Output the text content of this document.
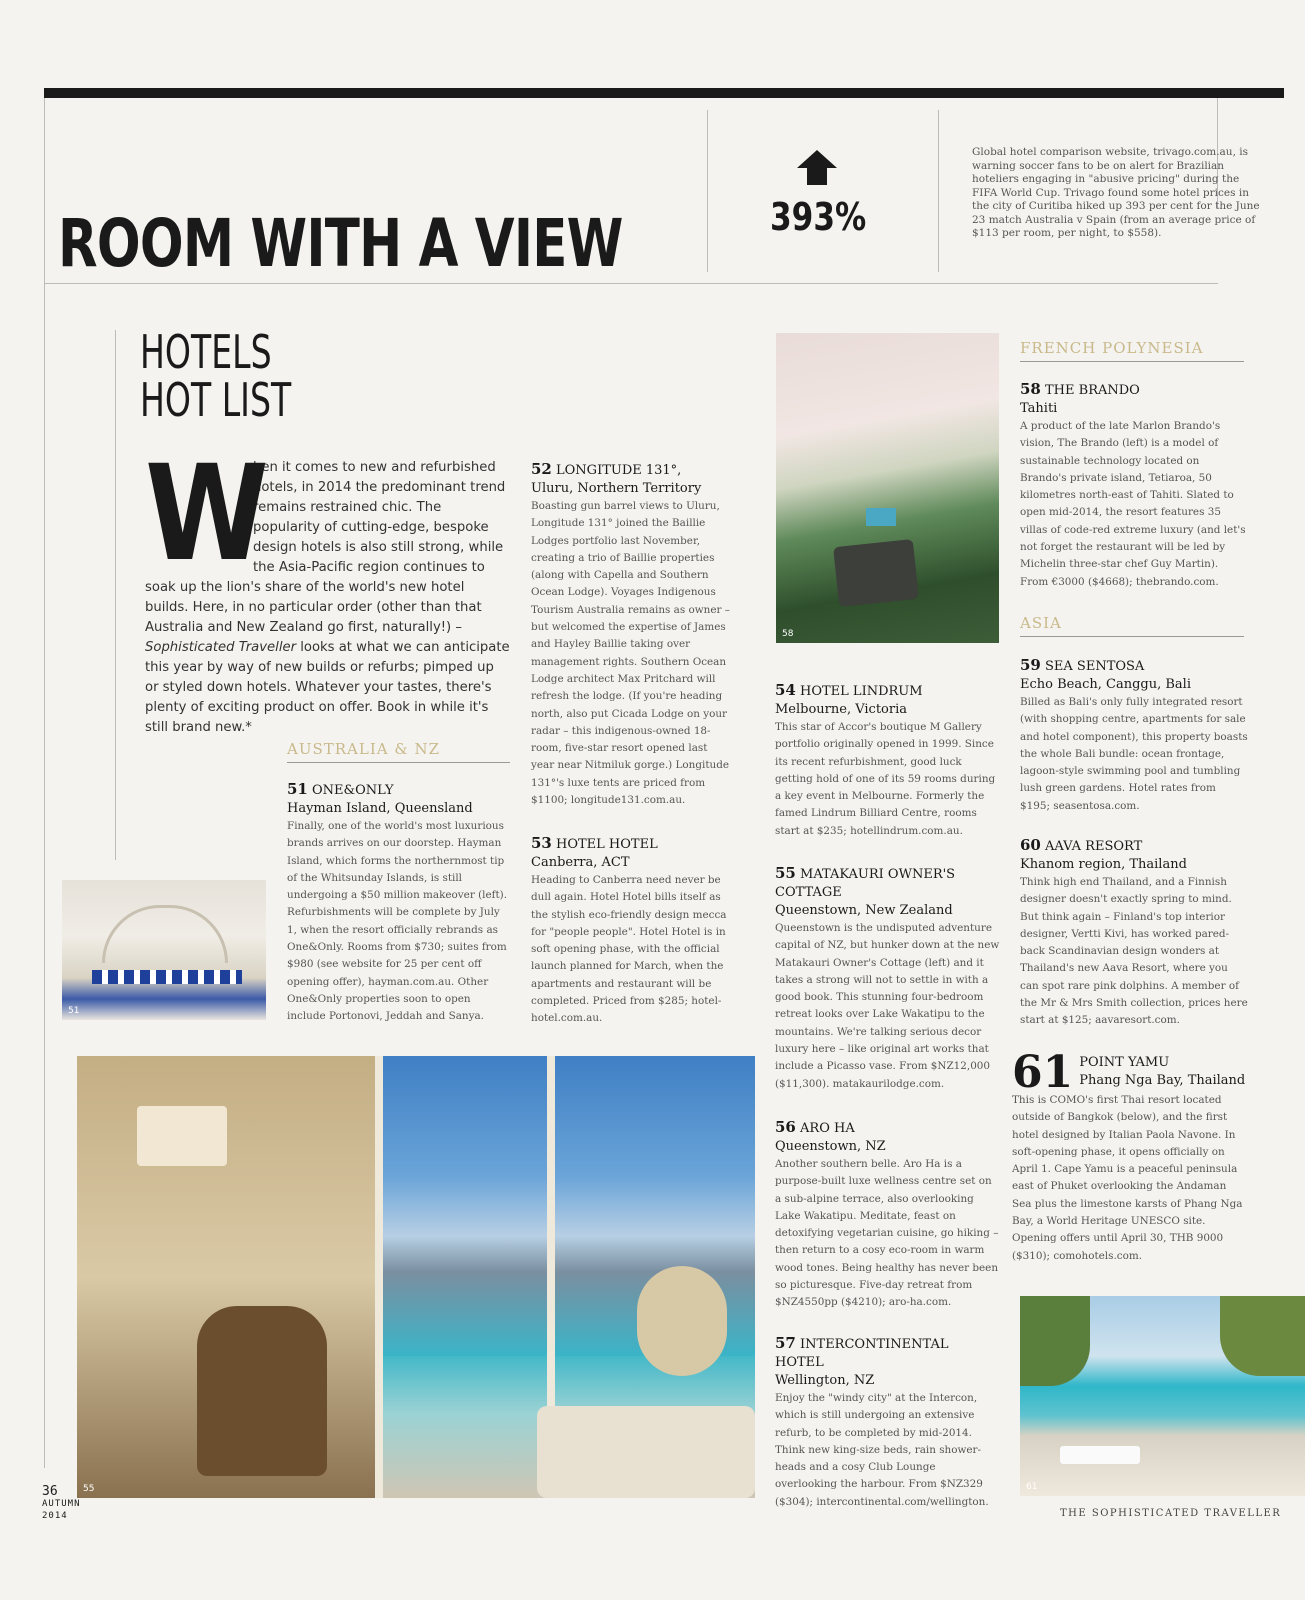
ROOM WITH A VIEW	393%
Global hotel comparison website, trivago.com.au, is warning soccer fans to be on alert for Brazilian hoteliers engaging in "abusive pricing" during the FIFA World Cup. Trivago found some hotel prices in the city of Curitiba hiked up 393 per cent for the June 23 match Australia v Spain (from an average price of $113 per room, per night, to $558).
HOTELS
HOT LIST
W
hen it comes to new and refurbished hotels, in 2014 the predominant trend remains restrained chic. The popularity of cutting-edge, bespoke design hotels is also still strong, while the Asia-Pacific region continues to soak up the lion's share of the world's new hotel builds. Here, in no particular order (other than that Australia and New Zealand go first, naturally!) – Sophisticated Traveller looks at what we can anticipate this year by way of new builds or refurbs; pimped up or styled down hotels. Whatever your tastes, there's plenty of exciting product on offer. Book in while it's still brand new.*
AUSTRALIA & NZ
51 ONE&ONLY
Hayman Island, Queensland
Finally, one of the world's most luxurious brands arrives on our doorstep. Hayman Island, which forms the northernmost tip of the Whitsunday Islands, is still undergoing a $50 million makeover (left). Refurbishments will be complete by July 1, when the resort officially rebrands as One&Only. Rooms from $730; suites from $980 (see website for 25 per cent off opening offer), hayman.com.au. Other One&Only properties soon to open include Portonovi, Jeddah and Sanya.
51
52 LONGITUDE 131°,
Uluru, Northern Territory
Boasting gun barrel views to Uluru, Longitude 131° joined the Baillie Lodges portfolio last November, creating a trio of Baillie properties (along with Capella and Southern Ocean Lodge). Voyages Indigenous Tourism Australia remains as owner – but welcomed the expertise of James and Hayley Baillie taking over management rights. Southern Ocean Lodge architect Max Pritchard will refresh the lodge. (If you're heading north, also put Cicada Lodge on your radar – this indigenous-owned 18-room, five-star resort opened last year near Nitmiluk gorge.) Longitude 131°'s luxe tents are priced from $1100; longitude131.com.au.
53 HOTEL HOTEL
Canberra, ACT
Heading to Canberra need never be dull again. Hotel Hotel bills itself as the stylish eco-friendly design mecca for "people people". Hotel Hotel is in soft opening phase, with the official launch planned for March, when the apartments and restaurant will be completed. Priced from $285; hotel-hotel.com.au.
58
54 HOTEL LINDRUM
Melbourne, Victoria
This star of Accor's boutique M Gallery portfolio originally opened in 1999. Since its recent refurbishment, good luck getting hold of one of its 59 rooms during a key event in Melbourne. Formerly the famed Lindrum Billiard Centre, rooms start at $235; hotellindrum.com.au.
55 MATAKAURI OWNER'S COTTAGE
Queenstown, New Zealand
Queenstown is the undisputed adventure capital of NZ, but hunker down at the new Matakauri Owner's Cottage (left) and it takes a strong will not to settle in with a good book. This stunning four-bedroom retreat looks over Lake Wakatipu to the mountains. We're talking serious decor luxury here – like original art works that include a Picasso vase. From $NZ12,000 ($11,300). matakaurilodge.com.
56 ARO HA
Queenstown, NZ
Another southern belle. Aro Ha is a purpose-built luxe wellness centre set on a sub-alpine terrace, also overlooking Lake Wakatipu. Meditate, feast on detoxifying vegetarian cuisine, go hiking – then return to a cosy eco-room in warm wood tones. Being healthy has never been so picturesque. Five-day retreat from $NZ4550pp ($4210); aro-ha.com.
57 INTERCONTINENTAL HOTEL
Wellington, NZ
Enjoy the "windy city" at the Intercon, which is still undergoing an extensive refurb, to be completed by mid-2014. Think new king-size beds, rain shower-heads and a cosy Club Lounge overlooking the harbour. From $NZ329 ($304); intercontinental.com/wellington.
FRENCH POLYNESIA
58 THE BRANDO
Tahiti
A product of the late Marlon Brando's vision, The Brando (left) is a model of sustainable technology located on Brando's private island, Tetiaroa, 50 kilometres north-east of Tahiti. Slated to open mid-2014, the resort features 35 villas of code-red extreme luxury (and let's not forget the restaurant will be led by Michelin three-star chef Guy Martin). From €3000 ($4668); thebrando.com.
ASIA
59 SEA SENTOSA
Echo Beach, Canggu, Bali
Billed as Bali's only fully integrated resort (with shopping centre, apartments for sale and hotel component), this property boasts the whole Bali bundle: ocean frontage, lagoon-style swimming pool and tumbling lush green gardens. Hotel rates from $195; seasentosa.com.
60 AAVA RESORT
Khanom region, Thailand
Think high end Thailand, and a Finnish designer doesn't exactly spring to mind. But think again – Finland's top interior designer, Vertti Kivi, has worked pared-back Scandinavian design wonders at Thailand's new Aava Resort, where you can spot rare pink dolphins. A member of the Mr & Mrs Smith collection, prices here start at $125; aavaresort.com.
61 POINT YAMU
Phang Nga Bay, Thailand
This is COMO's first Thai resort located outside of Bangkok (below), and the first hotel designed by Italian Paola Navone. In soft-opening phase, it opens officially on April 1. Cape Yamu is a peaceful peninsula east of Phuket overlooking the Andaman Sea plus the limestone karsts of Phang Nga Bay, a World Heritage UNESCO site. Opening offers until April 30, THB 9000 ($310); comohotels.com.
55	61
36
AUTUMN
2014	THE SOPHISTICATED TRAVELLER
